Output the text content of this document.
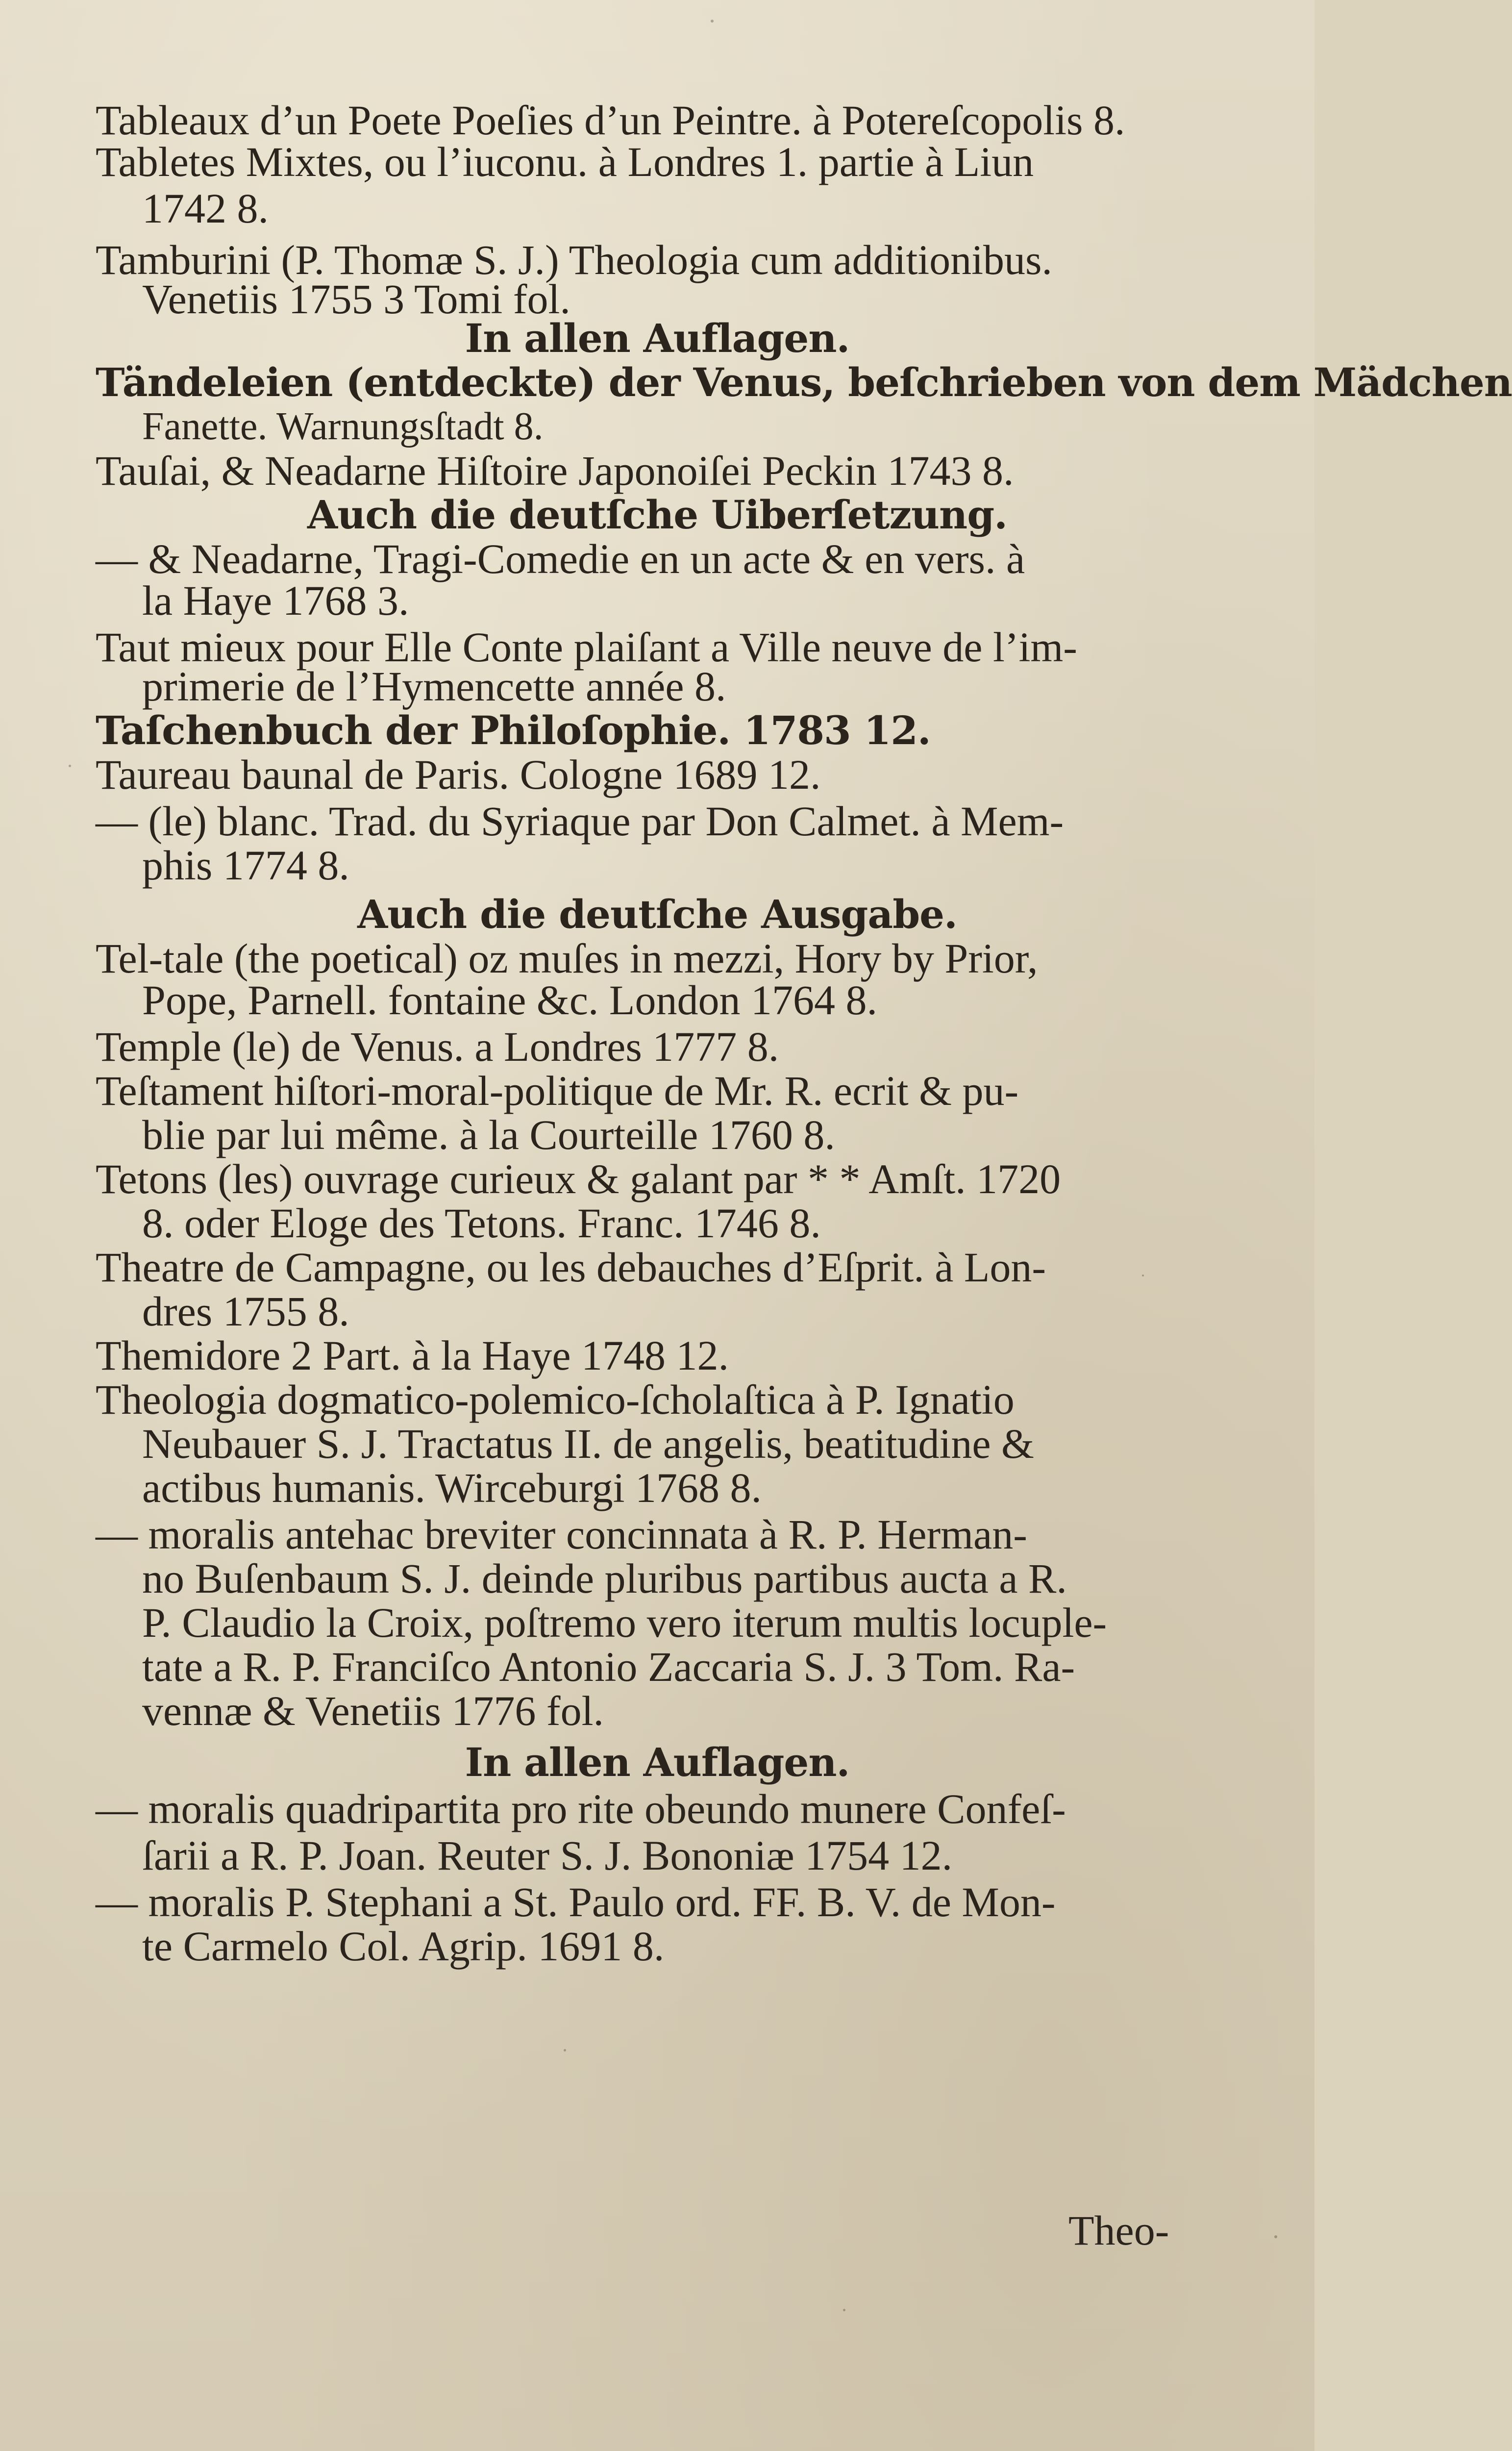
Tableaux d’un Poete Poeſies d’un Peintre. à Potereſcopolis 8.
Tabletes Mixtes, ou l’iuconu. à Londres 1. partie à Liun
1742 8.
Tamburini (P. Thomæ S. J.) Theologia cum additionibus.
Venetiis 1755 3 Tomi fol.
In allen Auflagen.
Tändeleien (entdeckte) der Venus, beſchrieben von dem Mädchen
Fanette. Warnungsſtadt 8.
Tauſai, & Neadarne Hiſtoire Japonoiſei Peckin 1743 8.
Auch die deutſche Uiberſetzung.
— & Neadarne, Tragi-Comedie en un acte & en vers. à
la Haye 1768 3.
Taut mieux pour Elle Conte plaiſant a Ville neuve de l’im-
primerie de l’Hymencette année 8.
Taſchenbuch der Philoſophie. 1783 12.
Taureau baunal de Paris. Cologne 1689 12.
— (le) blanc. Trad. du Syriaque par Don Calmet. à Mem-
phis 1774 8.
Auch die deutſche Ausgabe.
Tel-tale (the poetical) oz muſes in mezzi, Hory by Prior,
Pope, Parnell. fontaine &c. London 1764 8.
Temple (le) de Venus. a Londres 1777 8.
Teſtament hiſtori-moral-politique de Mr. R. ecrit & pu-
blie par lui même. à la Courteille 1760 8.
Tetons (les) ouvrage curieux & galant par * * Amſt. 1720
8. oder Eloge des Tetons. Franc. 1746 8.
Theatre de Campagne, ou les debauches d’Eſprit. à Lon-
dres 1755 8.
Themidore 2 Part. à la Haye 1748 12.
Theologia dogmatico-polemico-ſcholaſtica à P. Ignatio
Neubauer S. J. Tractatus II. de angelis, beatitudine &
actibus humanis. Wirceburgi 1768 8.
— moralis antehac breviter concinnata à R. P. Herman-
no Buſenbaum S. J. deinde pluribus partibus aucta a R.
P. Claudio la Croix, poſtremo vero iterum multis locuple-
tate a R. P. Franciſco Antonio Zaccaria S. J. 3 Tom. Ra-
vennæ & Venetiis 1776 fol.
In allen Auflagen.
— moralis quadripartita pro rite obeundo munere Confeſ-
ſarii a R. P. Joan. Reuter S. J. Bononiæ 1754 12.
— moralis P. Stephani a St. Paulo ord. FF. B. V. de Mon-
te Carmelo Col. Agrip. 1691 8.
Theo-
